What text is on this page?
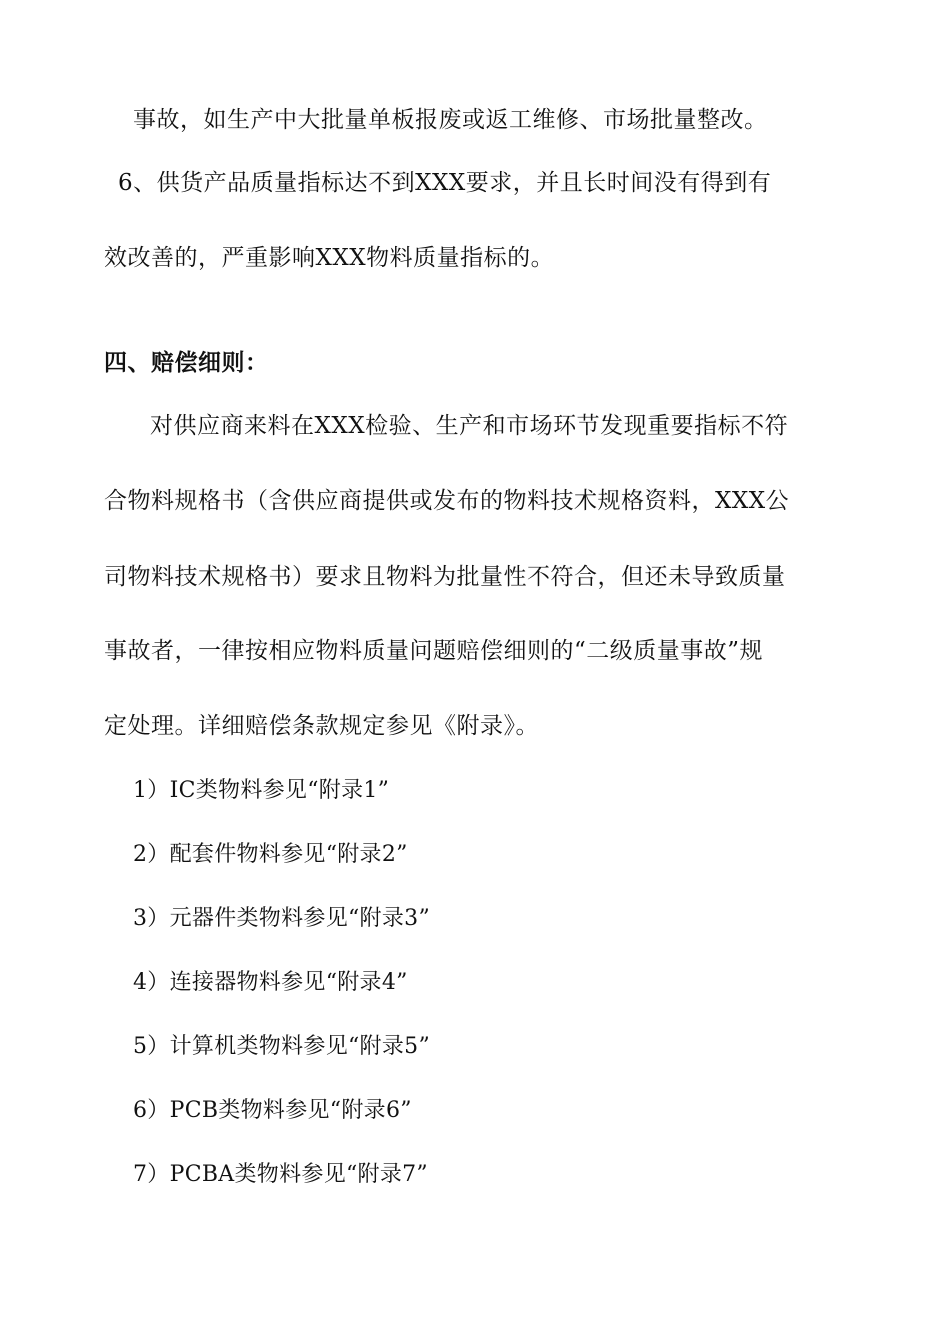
事故，如生产中大批量单板报废或返工维修、市场批量整改。
6、供货产品质量指标达不到XXX要求，并且长时间没有得到有
效改善的，严重影响XXX物料质量指标的。
四、赔偿细则：
对供应商来料在XXX检验、生产和市场环节发现重要指标不符
合物料规格书（含供应商提供或发布的物料技术规格资料，XXX公
司物料技术规格书）要求且物料为批量性不符合，但还未导致质量
事故者，一律按相应物料质量问题赔偿细则的“二级质量事故”规
定处理。详细赔偿条款规定参见《附录》。
1）IC类物料参见“附录1”
2）配套件物料参见“附录2”
3）元器件类物料参见“附录3”
4）连接器物料参见“附录4”
5）计算机类物料参见“附录5”
6）PCB类物料参见“附录6”
7）PCBA类物料参见“附录7”
